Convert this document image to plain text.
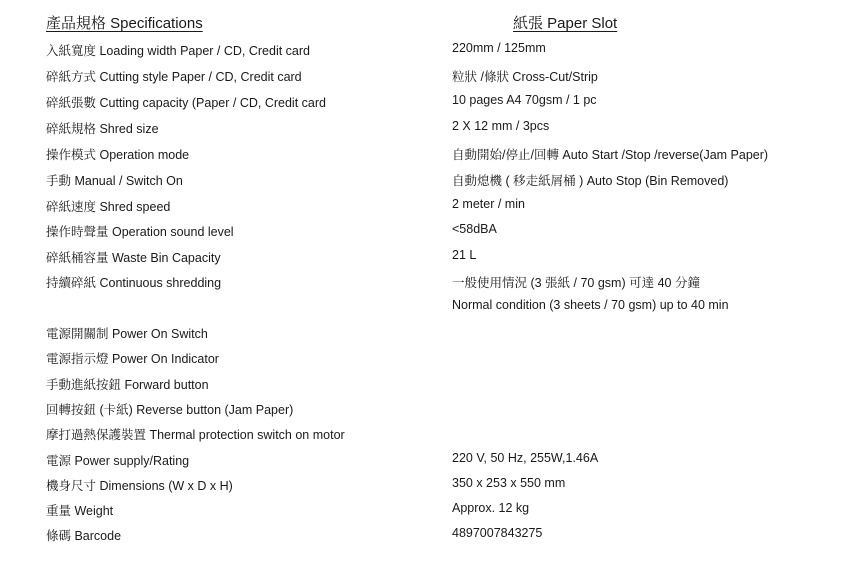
產品規格 Specifications	紙張 Paper Slot
入紙寬度 Loading width Paper / CD, Credit card	220mm / 125mm
碎紙方式 Cutting style Paper / CD, Credit card	粒狀 /條狀 Cross-Cut/Strip
碎紙張數 Cutting capacity (Paper / CD, Credit card	10 pages A4 70gsm / 1 pc
碎紙規格 Shred size	2 X 12 mm / 3pcs
操作模式 Operation mode	自動開始/停止/回轉 Auto Start /Stop /reverse(Jam Paper)
手動 Manual / Switch On	自動熄機 ( 移走紙屑桶 ) Auto Stop (Bin Removed)
碎紙速度 Shred speed	2 meter / min
操作時聲量 Operation sound level	<58dBA
碎紙桶容量 Waste Bin Capacity	21 L
持續碎紙 Continuous shredding	一般使用情況 (3 張紙 / 70 gsm) 可達 40 分鐘
Normal condition (3 sheets / 70 gsm) up to 40 min
電源開關制 Power On Switch
電源指示燈 Power On Indicator
手動進紙按鈕 Forward button
回轉按鈕 (卡紙) Reverse button (Jam Paper)
摩打過熱保護裝置 Thermal protection switch on motor
電源 Power supply/Rating	220 V, 50 Hz, 255W,1.46A
機身尺寸 Dimensions (W x D x H)	350 x 253 x 550 mm
重量 Weight	Approx. 12 kg
條碼 Barcode	4897007843275
